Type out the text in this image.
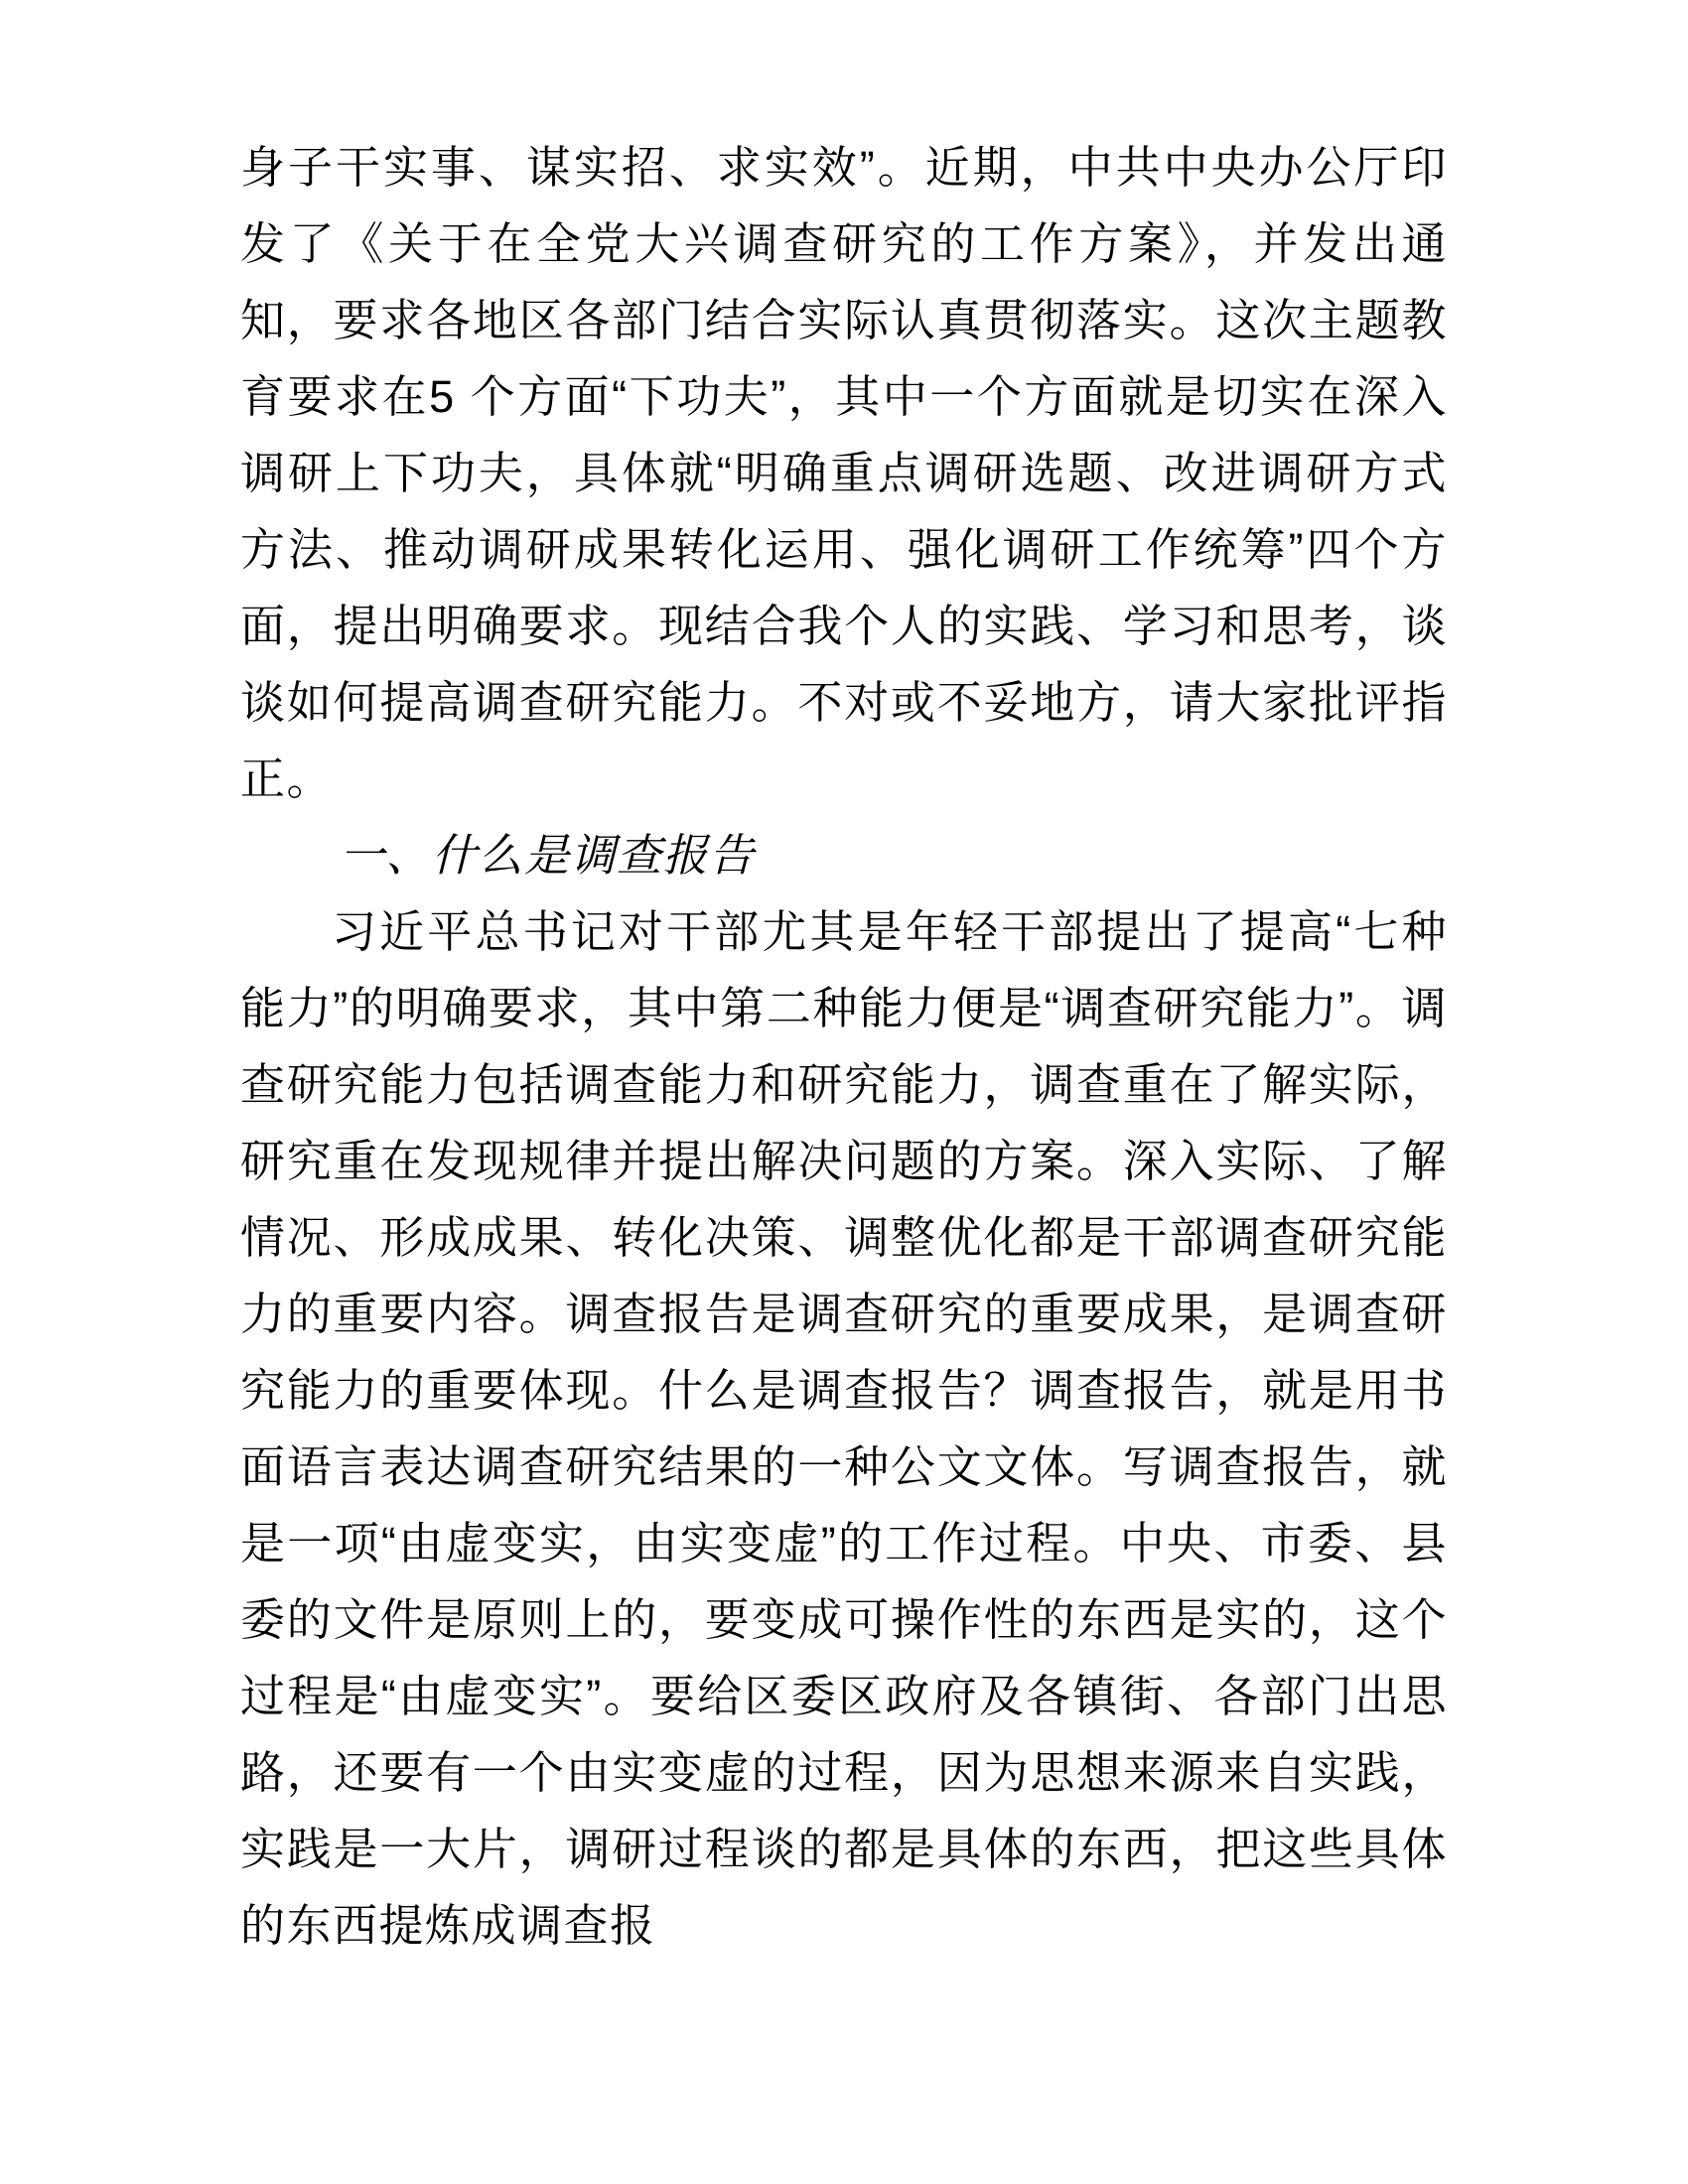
身子干实事、谋实招、求实效”。近期，中共中央办公厅印发了《关于在全党大兴调查研究的工作方案》，并发出通知，要求各地区各部门结合实际认真贯彻落实。这次主题教育要求在5 个方面“下功夫”，其中一个方面就是切实在深入调研上下功夫，具体就“明确重点调研选题、改进调研方式方法、推动调研成果转化运用、强化调研工作统筹”四个方面，提出明确要求。现结合我个人的实践、学习和思考，谈谈如何提高调查研究能力。不对或不妥地方，请大家批评指正。

一、什么是调查报告

习近平总书记对干部尤其是年轻干部提出了提高“七种能力”的明确要求，其中第二种能力便是“调查研究能力”。调查研究能力包括调查能力和研究能力，调查重在了解实际，研究重在发现规律并提出解决问题的方案。深入实际、了解情况、形成成果、转化决策、调整优化都是干部调查研究能力的重要内容。调查报告是调查研究的重要成果，是调查研究能力的重要体现。什么是调查报告？调查报告，就是用书面语言表达调查研究结果的一种公文文体。写调查报告，就是一项“由虚变实，由实变虚”的工作过程。中央、市委、县委的文件是原则上的，要变成可操作性的东西是实的，这个过程是“由虚变实”。要给区委区政府及各镇街、各部门出思路，还要有一个由实变虚的过程，因为思想来源来自实践，实践是一大片，调研过程谈的都是具体的东西，把这些具体的东西提炼成调查报
